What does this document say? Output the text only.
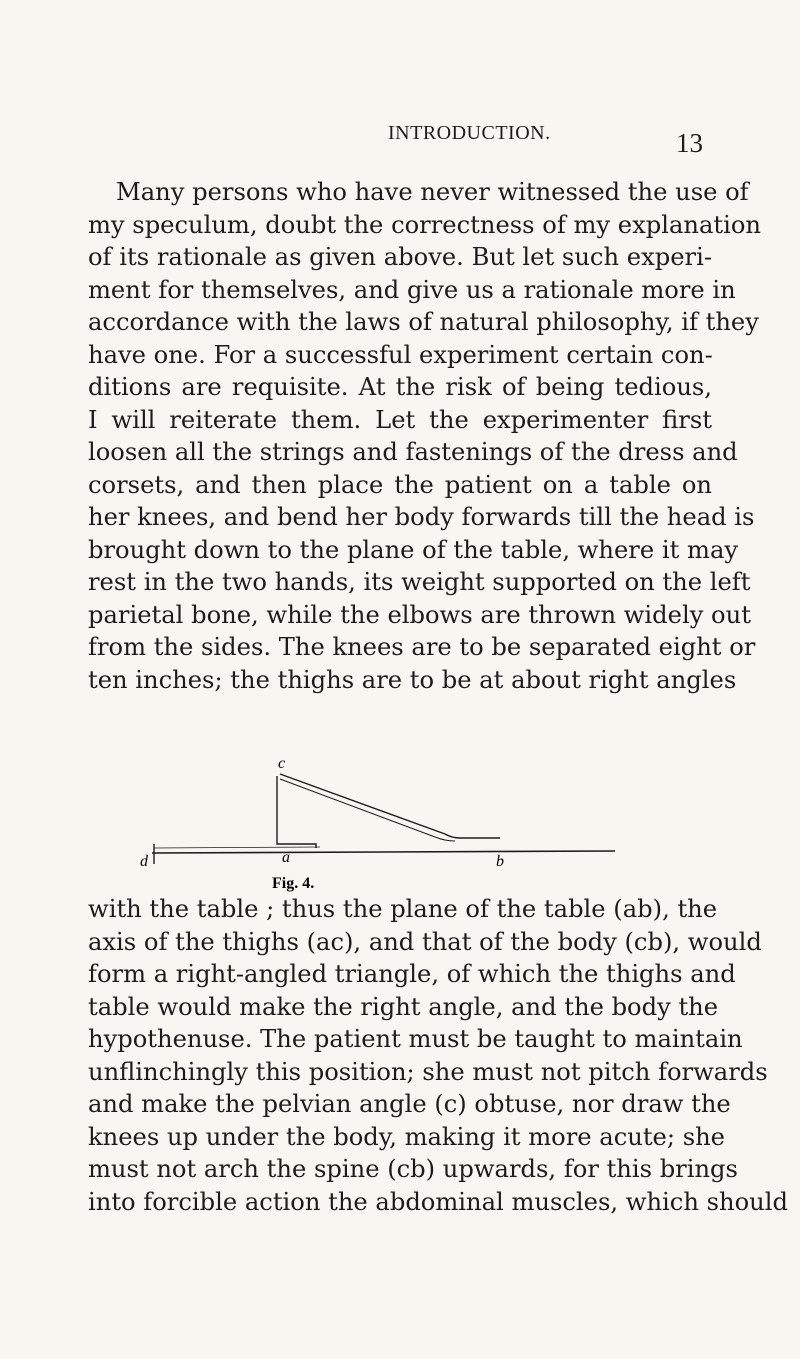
INTRODUCTION.	13
Many persons who have never witnessed the use of
my speculum, doubt the correctness of my explanation
of its rationale as given above. But let such experi-
ment for themselves, and give us a rationale more in
accordance with the laws of natural philosophy, if they
have one. For a successful experiment certain con-
ditions are requisite. At the risk of being tedious,
I will reiterate them. Let the experimenter first
loosen all the strings and fastenings of the dress and
corsets, and then place the patient on a table on
her knees, and bend her body forwards till the head is
brought down to the plane of the table, where it may
rest in the two hands, its weight supported on the left
parietal bone, while the elbows are thrown widely out
from the sides. The knees are to be separated eight or
ten inches; the thighs are to be at about right angles
c
d	a	b
Fig. 4.
with the table ; thus the plane of the table (ab), the
axis of the thighs (ac), and that of the body (cb), would
form a right-angled triangle, of which the thighs and
table would make the right angle, and the body the
hypothenuse. The patient must be taught to maintain
unflinchingly this position; she must not pitch forwards
and make the pelvian angle (c) obtuse, nor draw the
knees up under the body, making it more acute; she
must not arch the spine (cb) upwards, for this brings
into forcible action the abdominal muscles, which should
